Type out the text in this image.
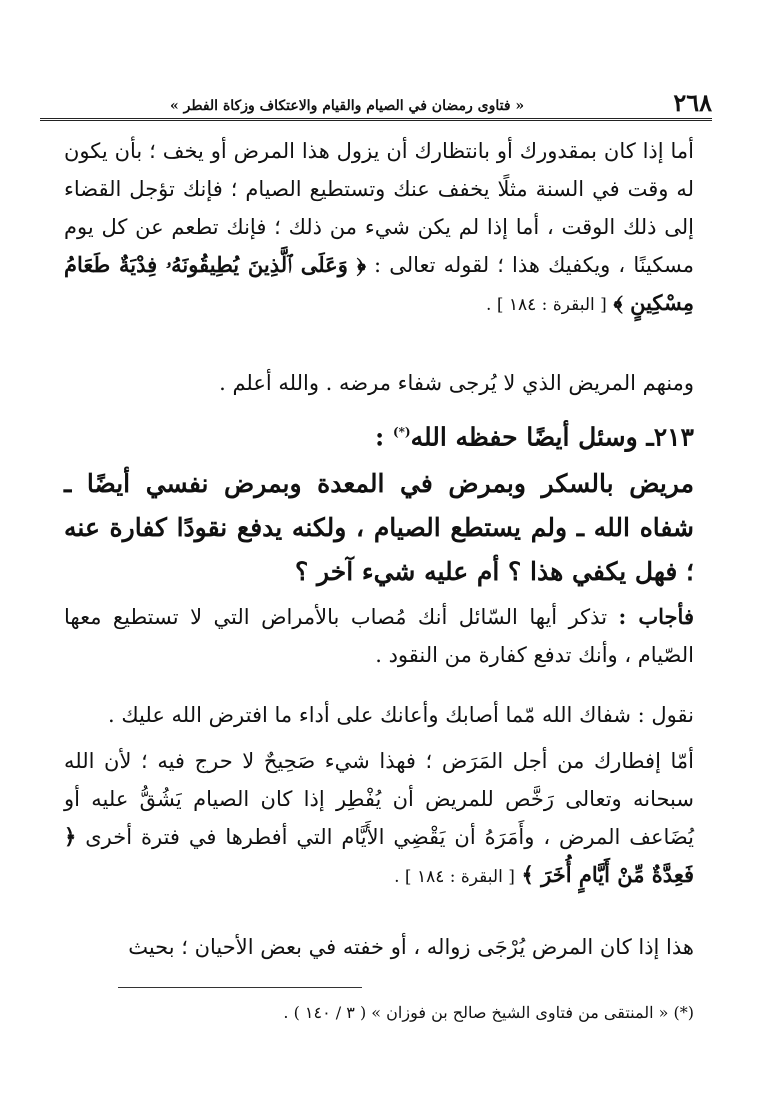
٢٦٨
« فتاوى رمضان في الصيام والقيام والاعتكاف وزكاة الفطر »
أما إذا كان بمقدورك أو بانتظارك أن يزول هذا المرض أو يخف ؛ بأن يكون له وقت في السنة مثلًا يخفف عنك وتستطيع الصيام ؛ فإنك تؤجل القضاء إلى ذلك الوقت ، أما إذا لم يكن شيء من ذلك ؛ فإنك تطعم عن كل يوم مسكينًا ، ويكفيك هذا ؛ لقوله تعالى : ﴿ وَعَلَى ٱلَّذِينَ يُطِيقُونَهُۥ فِدْيَةٌ طَعَامُ مِسْكِينٍ ﴾ [ البقرة : ١٨٤ ] .
ومنهم المريض الذي لا يُرجى شفاء مرضه . والله أعلم .
٢١٣ـ وسئل أيضًا حفظه الله(*) :
مريض بالسكر وبمرض في المعدة وبمرض نفسي أيضًا ـ شفاه الله ـ ولم يستطع الصيام ، ولكنه يدفع نقودًا كفارة عنه ؛ فهل يكفي هذا ؟ أم عليه شيء آخر ؟
فأجاب : تذكر أيها السّائل أنك مُصاب بالأمراض التي لا تستطيع معها الصّيام ، وأنك تدفع كفارة من النقود .
نقول : شفاك الله مّما أصابك وأعانك على أداء ما افترض الله عليك .
أمّا إفطارك من أجل المَرَض ؛ فهذا شيء صَحِيحٌ لا حرج فيه ؛ لأن الله سبحانه وتعالى رَخَّص للمريض أن يُفْطِر إذا كان الصيام يَشُقُّ عليه أو يُضَاعف المرض ، وأَمَرَهُ أن يَقْضِي الأَيَّام التي أفطرها في فترة أخرى ﴿ فَعِدَّةٌ مِّنْ أَيَّامٍ أُخَرَ ﴾ [ البقرة : ١٨٤ ] .
هذا إذا كان المرض يُرْجَى زواله ، أو خفته في بعض الأحيان ؛ بحيث
(*) « المنتقى من فتاوى الشيخ صالح بن فوزان » ( ٣ / ١٤٠ ) .
